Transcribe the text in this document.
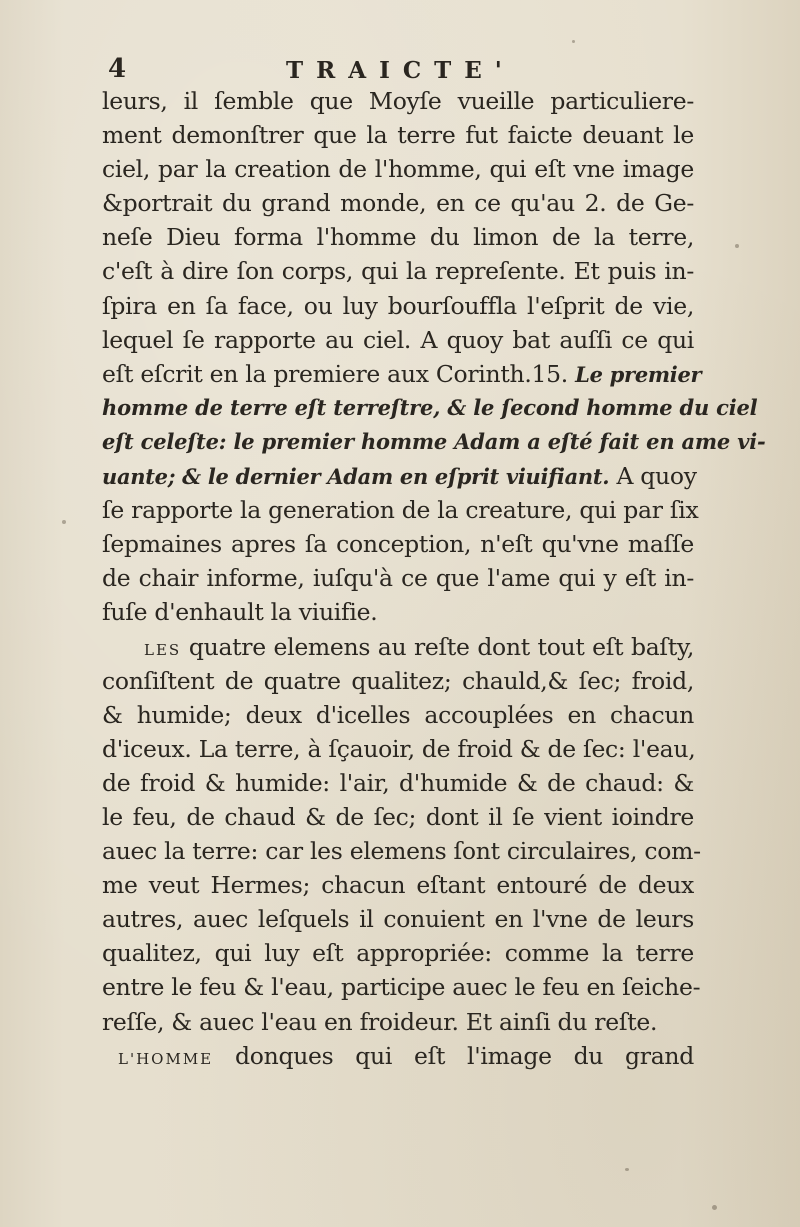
4	TRAICTE'
leurs, il ſemble que Moyſe vueille particuliere-
ment demonſtrer que la terre fut faicte deuant le
ciel, par la creation de l'homme, qui eſt vne image
&portrait du grand monde, en ce qu'au 2. de Ge-
neſe Dieu forma l'homme du limon de la terre,
c'eſt à dire ſon corps, qui la repreſente. Et puis in-
ſpira en ſa face, ou luy bourſouffla l'eſprit de vie,
lequel ſe rapporte au ciel. A quoy bat auſſi ce qui
eſt eſcrit en la premiere aux Corinth.15. Le premier
homme de terre eſt terreſtre, & le ſecond homme du ciel
eſt celeſte: le premier homme Adam a eſté fait en ame vi-
uante; & le dernier Adam en eſprit viuifiant. A quoy
ſe rapporte la generation de la creature, qui par ſix
ſepmaines apres ſa conception, n'eſt qu'vne maſſe
de chair informe, iuſqu'à ce que l'ame qui y eſt in-
fuſe d'enhault la viuifie.
LES quatre elemens au reſte dont tout eſt baſty,
conſiſtent de quatre qualitez; chauld,& ſec; froid,
& humide; deux d'icelles accouplées en chacun
d'iceux. La terre, à ſçauoir, de froid & de ſec: l'eau,
de froid & humide: l'air, d'humide & de chaud: &
le feu, de chaud & de ſec; dont il ſe vient ioindre
auec la terre: car les elemens ſont circulaires, com-
me veut Hermes; chacun eſtant entouré de deux
autres, auec leſquels il conuient en l'vne de leurs
qualitez, qui luy eſt appropriée: comme la terre
entre le feu & l'eau, participe auec le feu en ſeiche-
reſſe, & auec l'eau en froideur. Et ainſi du reſte.
L'HOMME donques qui eſt l'image du grand
